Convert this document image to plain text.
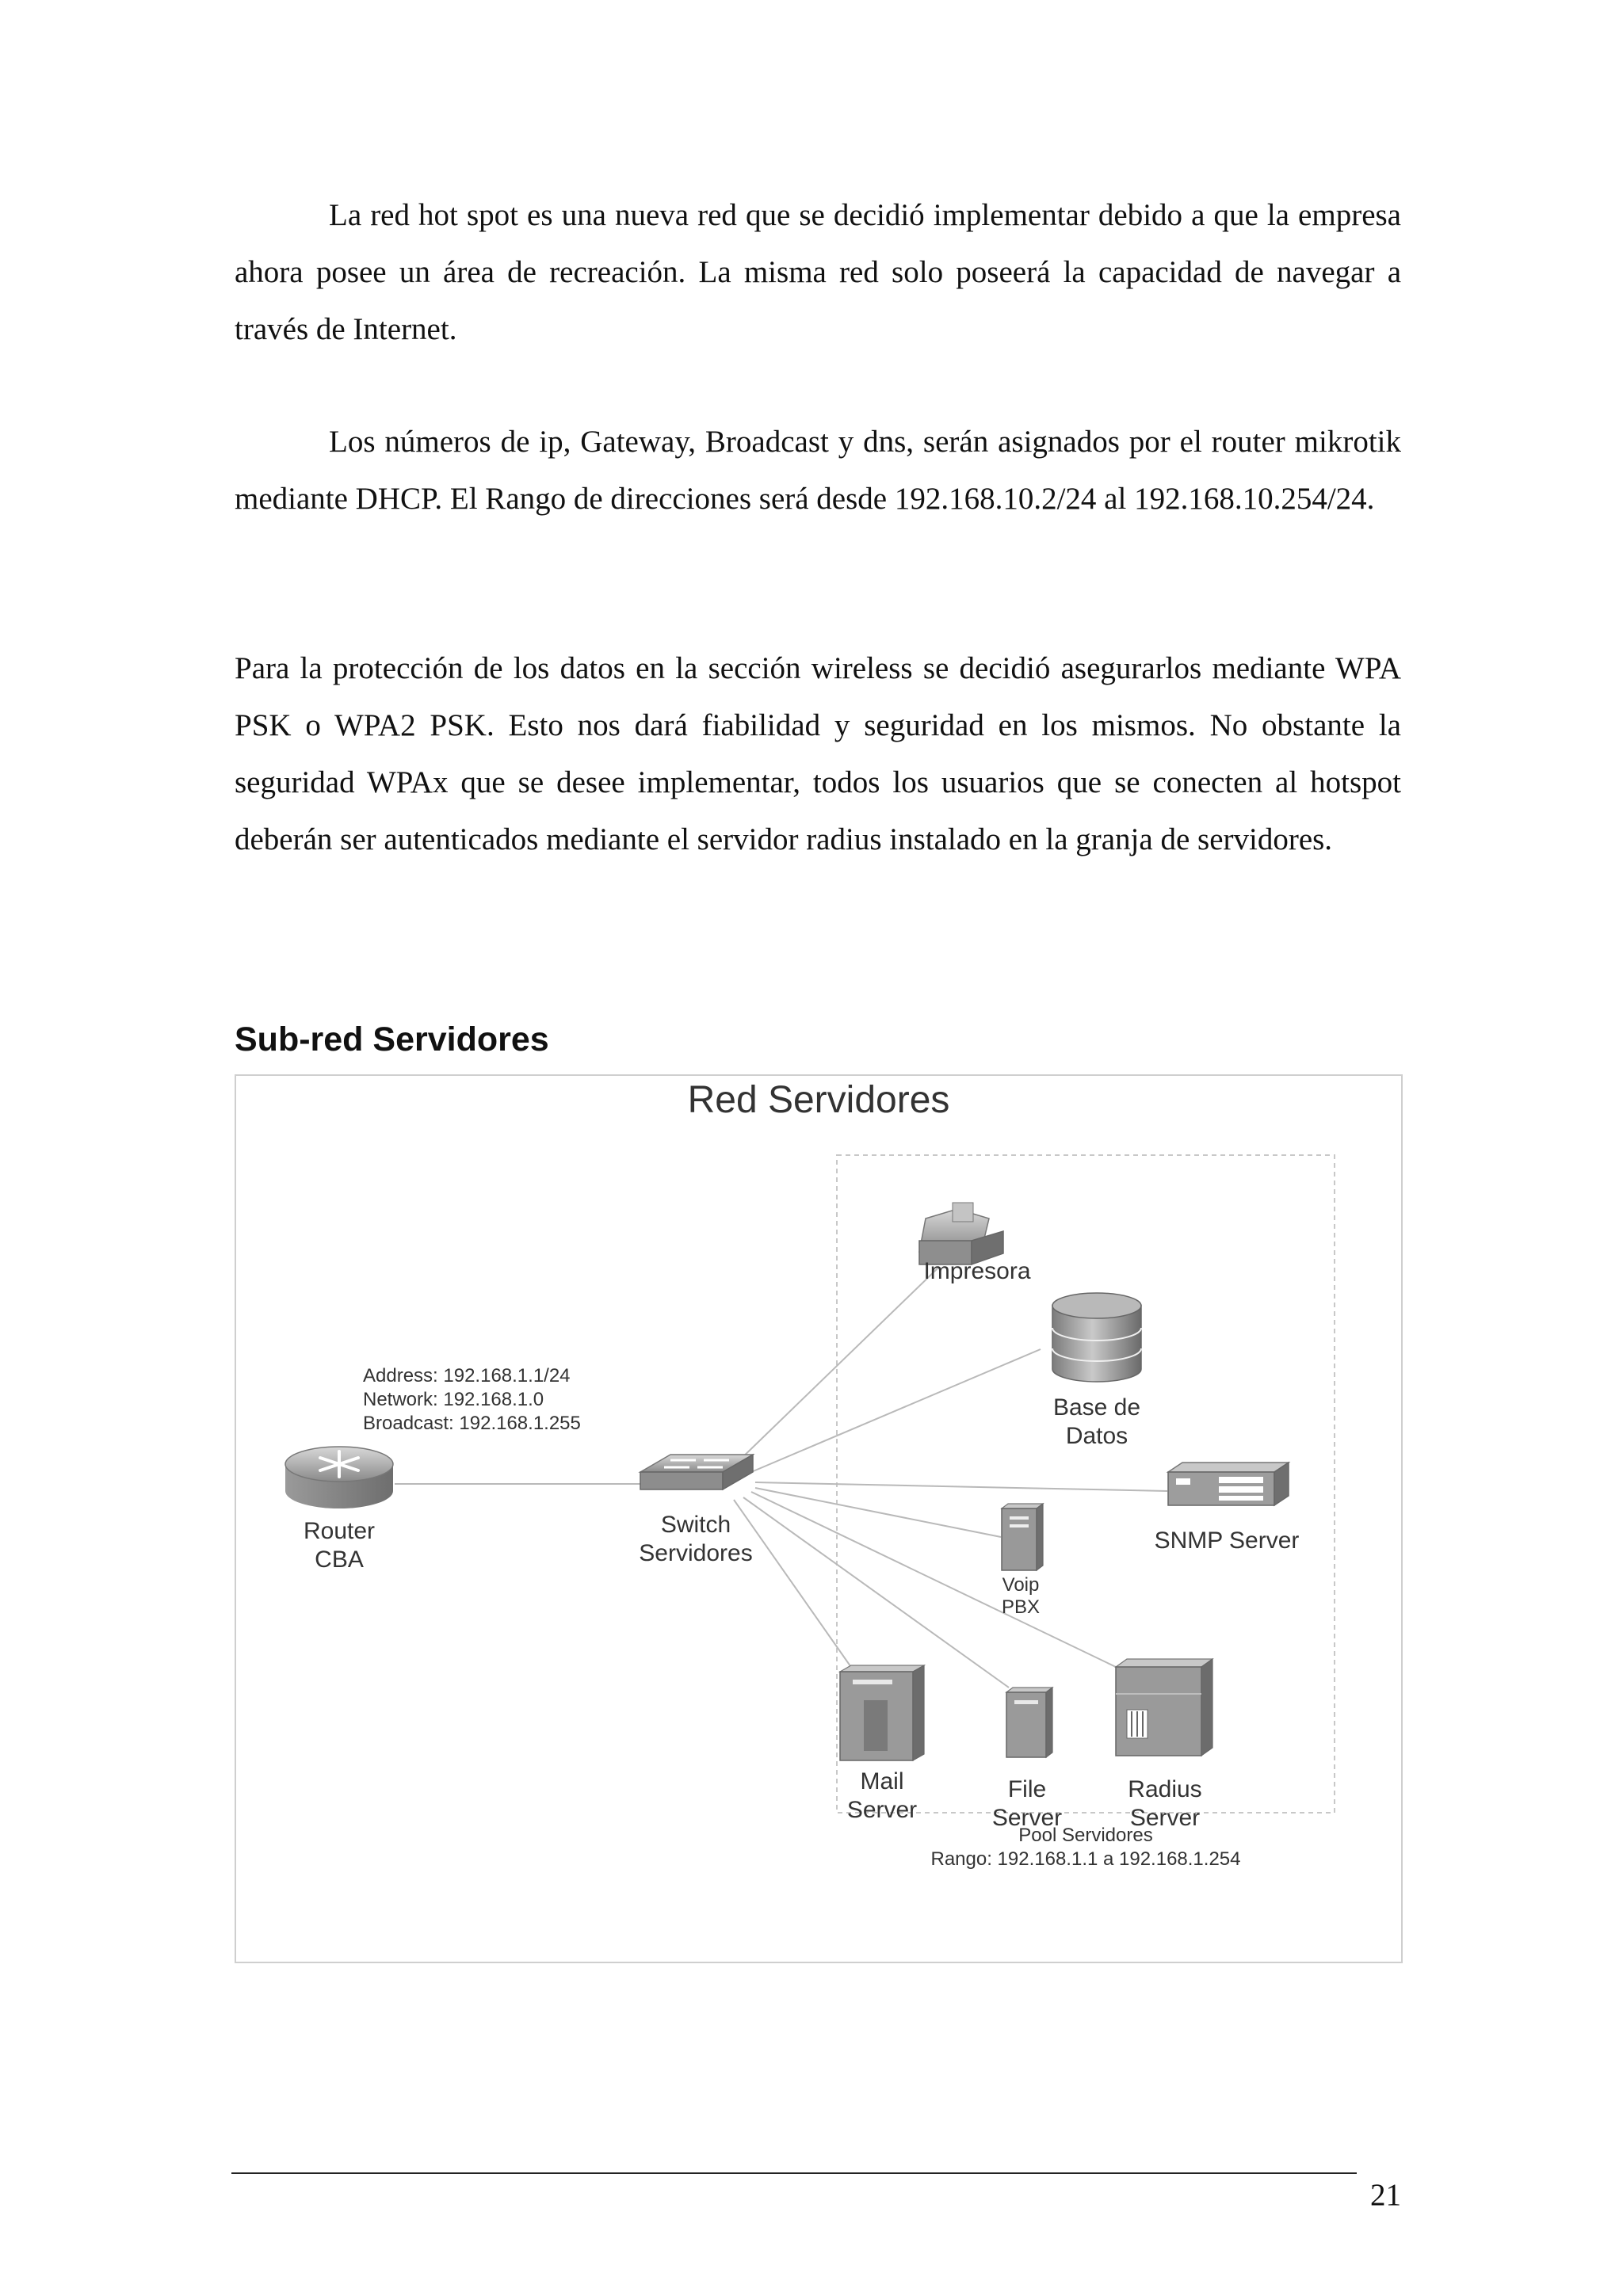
La red hot spot es una nueva red que se decidió implementar debido a que la empresa ahora posee un área de recreación. La misma red solo poseerá la capacidad de navegar a través de Internet.

Los números de ip, Gateway, Broadcast y dns, serán asignados por el router mikrotik mediante DHCP. El Rango de direcciones será desde 192.168.10.2/24 al 192.168.10.254/24.

Para la protección de los datos en la sección wireless se decidió asegurarlos mediante WPA PSK o WPA2 PSK. Esto nos dará fiabilidad y seguridad en los mismos. No obstante la seguridad WPAx que se desee implementar, todos los usuarios que se conecten al hotspot deberán ser autenticados mediante el servidor radius instalado en la granja de servidores.

Sub-red Servidores
Red Servidores
Address: 192.168.1.1/24
Network: 192.168.1.0
Broadcast: 192.168.1.255
Router
CBA
Switch
Servidores
Impresora
Base de
Datos
SNMP Server
Voip
PBX
Mail
Server
File
Server
Radius
Server
Pool Servidores
Rango: 192.168.1.1 a 192.168.1.254
21
